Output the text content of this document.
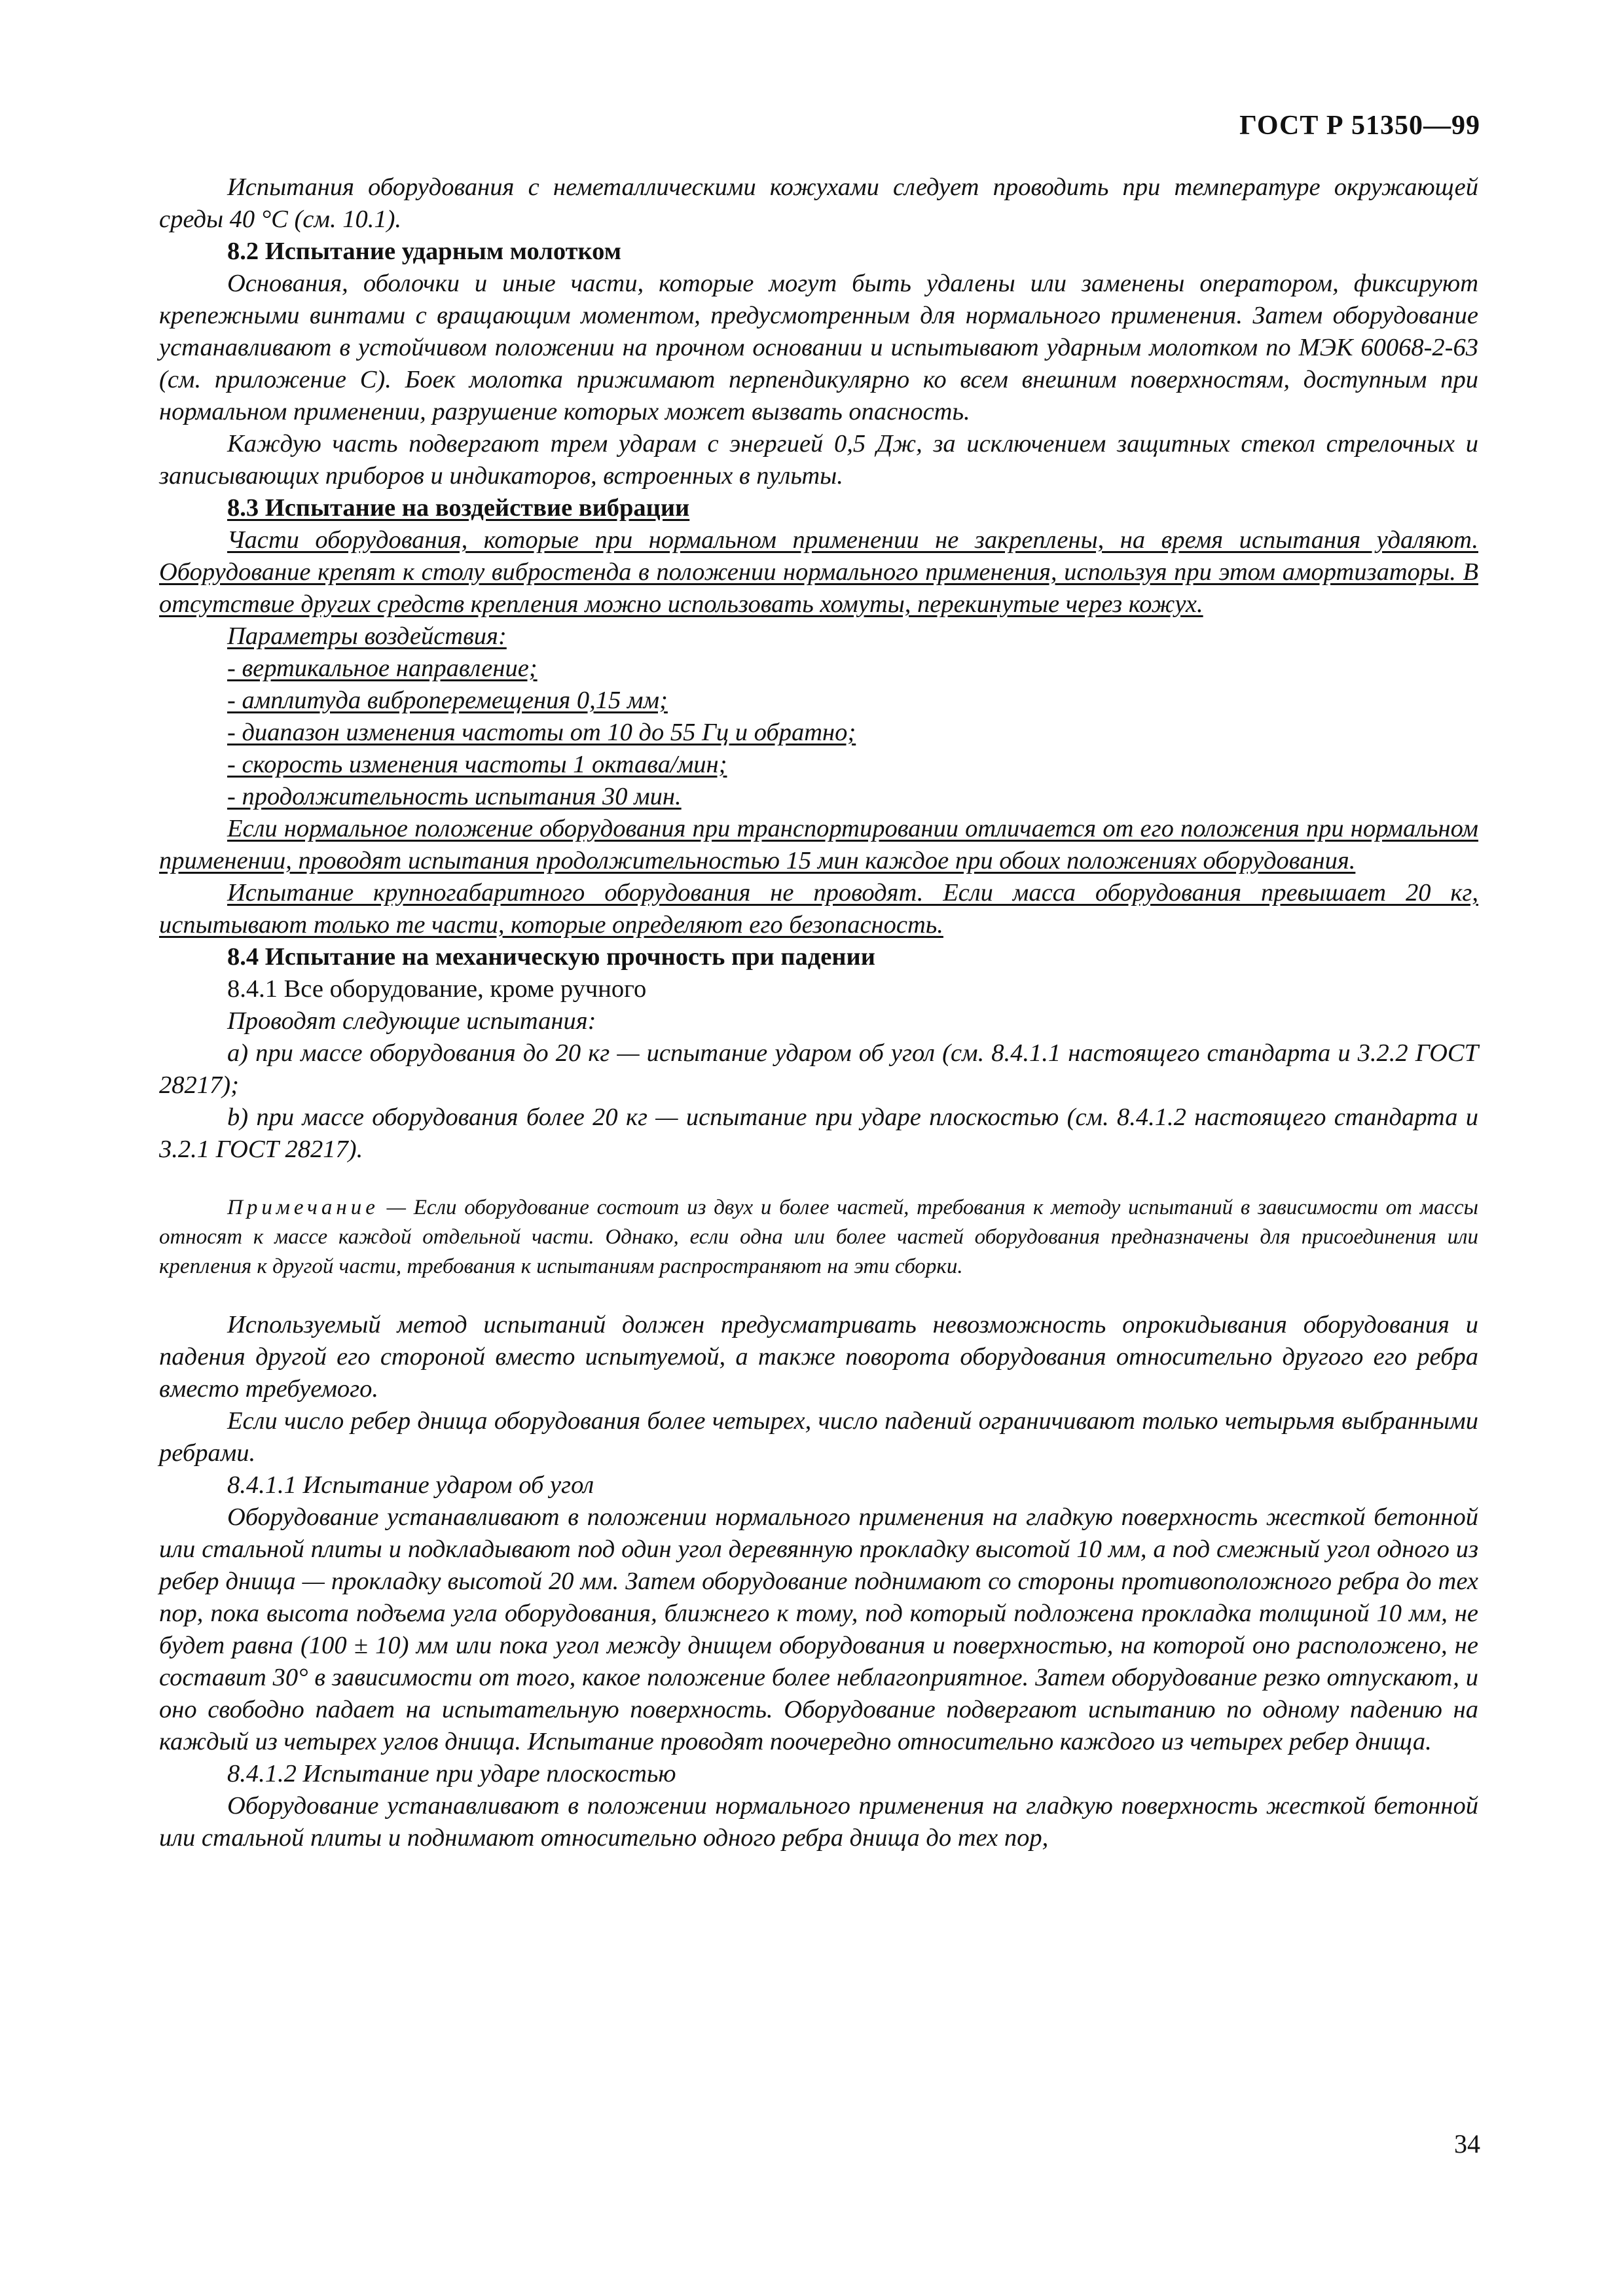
ГОСТ Р 51350—99

Испытания оборудования с неметаллическими кожухами следует проводить при температуре окружающей среды 40 °С (см. 10.1).

8.2 Испытание ударным молотком

Основания, оболочки и иные части, которые могут быть удалены или заменены оператором, фиксируют крепежными винтами с вращающим моментом, предусмотренным для нормального применения. Затем оборудование устанавливают в устойчивом положении на прочном основании и испытывают ударным молотком по МЭК 60068-2-63 (см. приложение С). Боек молотка прижимают перпендикулярно ко всем внешним поверхностям, доступным при нормальном применении, разрушение которых может вызвать опасность.

Каждую часть подвергают трем ударам с энергией 0,5 Дж, за исключением защитных стекол стрелочных и записывающих приборов и индикаторов, встроенных в пульты.

8.3 Испытание на воздействие вибрации

Части оборудования, которые при нормальном применении не закреплены, на время испытания удаляют. Оборудование крепят к столу вибростенда в положении нормального применения, используя при этом амортизаторы. В отсутствие других средств крепления можно использовать хомуты, перекинутые через кожух.

Параметры воздействия:

- вертикальное направление;

- амплитуда виброперемещения 0,15 мм;

- диапазон изменения частоты от 10 до 55 Гц и обратно;

- скорость изменения частоты 1 октава/мин;

- продолжительность испытания 30 мин.

Если нормальное положение оборудования при транспортировании отличается от его положения при нормальном применении, проводят испытания продолжительностью 15 мин каждое при обоих положениях оборудования.

Испытание крупногабаритного оборудования не проводят. Если масса оборудования превышает 20 кг, испытывают только те части, которые определяют его безопасность.

8.4 Испытание на механическую прочность при падении

8.4.1 Все оборудование, кроме ручного

Проводят следующие испытания:

a) при массе оборудования до 20 кг — испытание ударом об угол (см. 8.4.1.1 настоящего стандарта и 3.2.2 ГОСТ 28217);

b) при массе оборудования более 20 кг — испытание при ударе плоскостью (см. 8.4.1.2 настоящего стандарта и 3.2.1 ГОСТ 28217).

Примечание — Если оборудование состоит из двух и более частей, требования к методу испытаний в зависимости от массы относят к массе каждой отдельной части. Однако, если одна или более частей оборудования предназначены для присоединения или крепления к другой части, требования к испытаниям распространяют на эти сборки.

Используемый метод испытаний должен предусматривать невозможность опрокидывания оборудования и падения другой его стороной вместо испытуемой, а также поворота оборудования относительно другого его ребра вместо требуемого.

Если число ребер днища оборудования более четырех, число падений ограничивают только четырьмя выбранными ребрами.

8.4.1.1 Испытание ударом об угол

Оборудование устанавливают в положении нормального применения на гладкую поверхность жесткой бетонной или стальной плиты и подкладывают под один угол деревянную прокладку высотой 10 мм, а под смежный угол одного из ребер днища — прокладку высотой 20 мм. Затем оборудование поднимают со стороны противоположного ребра до тех пор, пока высота подъема угла оборудования, ближнего к тому, под который подложена прокладка толщиной 10 мм, не будет равна (100 ± 10) мм или пока угол между днищем оборудования и поверхностью, на которой оно расположено, не составит 30° в зависимости от того, какое положение более неблагоприятное. Затем оборудование резко отпускают, и оно свободно падает на испытательную поверхность. Оборудование подвергают испытанию по одному падению на каждый из четырех углов днища. Испытание проводят поочередно относительно каждого из четырех ребер днища.

8.4.1.2 Испытание при ударе плоскостью

Оборудование устанавливают в положении нормального применения на гладкую поверхность жесткой бетонной или стальной плиты и поднимают относительно одного ребра днища до тех пор,

34
